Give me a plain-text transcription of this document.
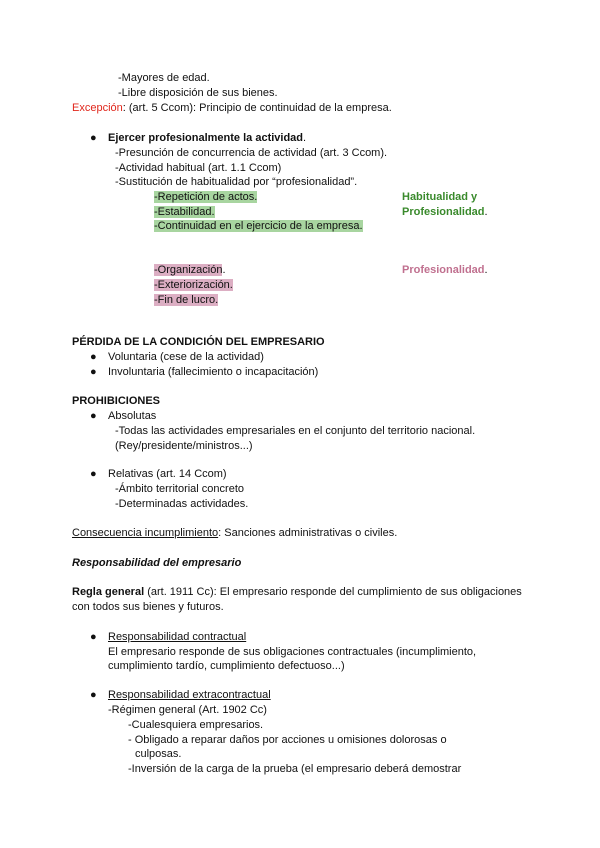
-Mayores de edad.
-Libre disposición de sus bienes.
Excepción: (art. 5 Ccom): Principio de continuidad de la empresa.
● Ejercer profesionalmente la actividad.
-Presunción de concurrencia de actividad (art. 3 Ccom).
-Actividad habitual (art. 1.1 Ccom)
-Sustitución de habitualidad por “profesionalidad”.
-Repetición de actos.
-Estabilidad.
-Continuidad en el ejercicio de la empresa.
Habitualidad y
Profesionalidad.
-Organización.
-Exteriorización.
-Fin de lucro.
Profesionalidad.
PÉRDIDA DE LA CONDICIÓN DEL EMPRESARIO
● Voluntaria (cese de la actividad)
● Involuntaria (fallecimiento o incapacitación)
PROHIBICIONES
● Absolutas
-Todas las actividades empresariales en el conjunto del territorio nacional.
(Rey/presidente/ministros...)
● Relativas (art. 14 Ccom)
-Ámbito territorial concreto
-Determinadas actividades.
Consecuencia incumplimiento: Sanciones administrativas o civiles.
Responsabilidad del empresario
Regla general (art. 1911 Cc): El empresario responde del cumplimiento de sus obligaciones
con todos sus bienes y futuros.
● Responsabilidad contractual
El empresario responde de sus obligaciones contractuales (incumplimiento,
cumplimiento tardío, cumplimiento defectuoso...)
● Responsabilidad extracontractual
-Régimen general (Art. 1902 Cc)
-Cualesquiera empresarios.
- Obligado a reparar daños por acciones u omisiones dolorosas o
culposas.
-Inversión de la carga de la prueba (el empresario deberá demostrar
